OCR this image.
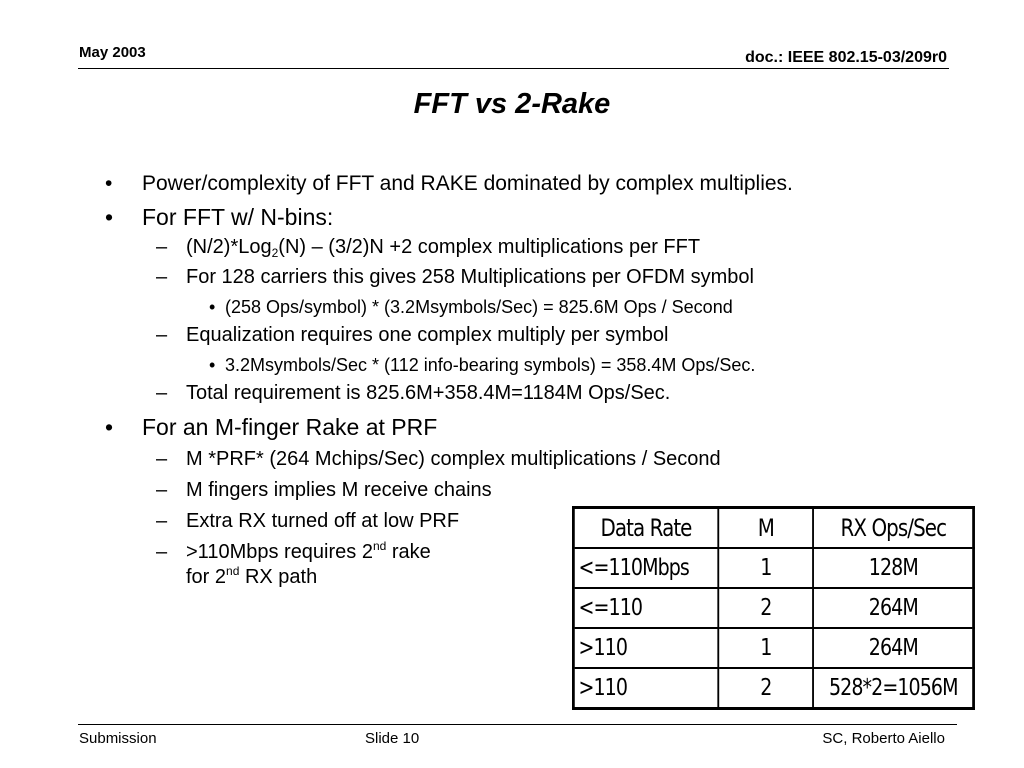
May 2003	doc.: IEEE 802.15-03/209r0
FFT vs 2-Rake
• Power/complexity of FFT and RAKE dominated by complex multiplies.
• For FFT w/ N-bins:
– (N/2)*Log$_2$(N) – (3/2)N +2 complex multiplications per FFT
– For 128 carriers this gives 258 Multiplications per OFDM symbol
• (258 Ops/symbol) * (3.2Msymbols/Sec) = 825.6M Ops / Second
– Equalization requires one complex multiply per symbol
• 3.2Msymbols/Sec * (112 info-bearing symbols) = 358.4M Ops/Sec.
– Total requirement is 825.6M+358.4M=1184M Ops/Sec.
• For an M-finger Rake at PRF
– M *PRF* (264 Mchips/Sec) complex multiplications / Second
– M fingers implies M receive chains
– Extra RX turned off at low PRF
– >110Mbps requires 2nd rake
for 2nd RX path
Data Rate	M	RX Ops/Sec
<=110Mbps	1	128M
<=110	2	264M
>110	1	264M
>110	2	528*2=1056M
Submission	Slide 10	SC, Roberto Aiello
